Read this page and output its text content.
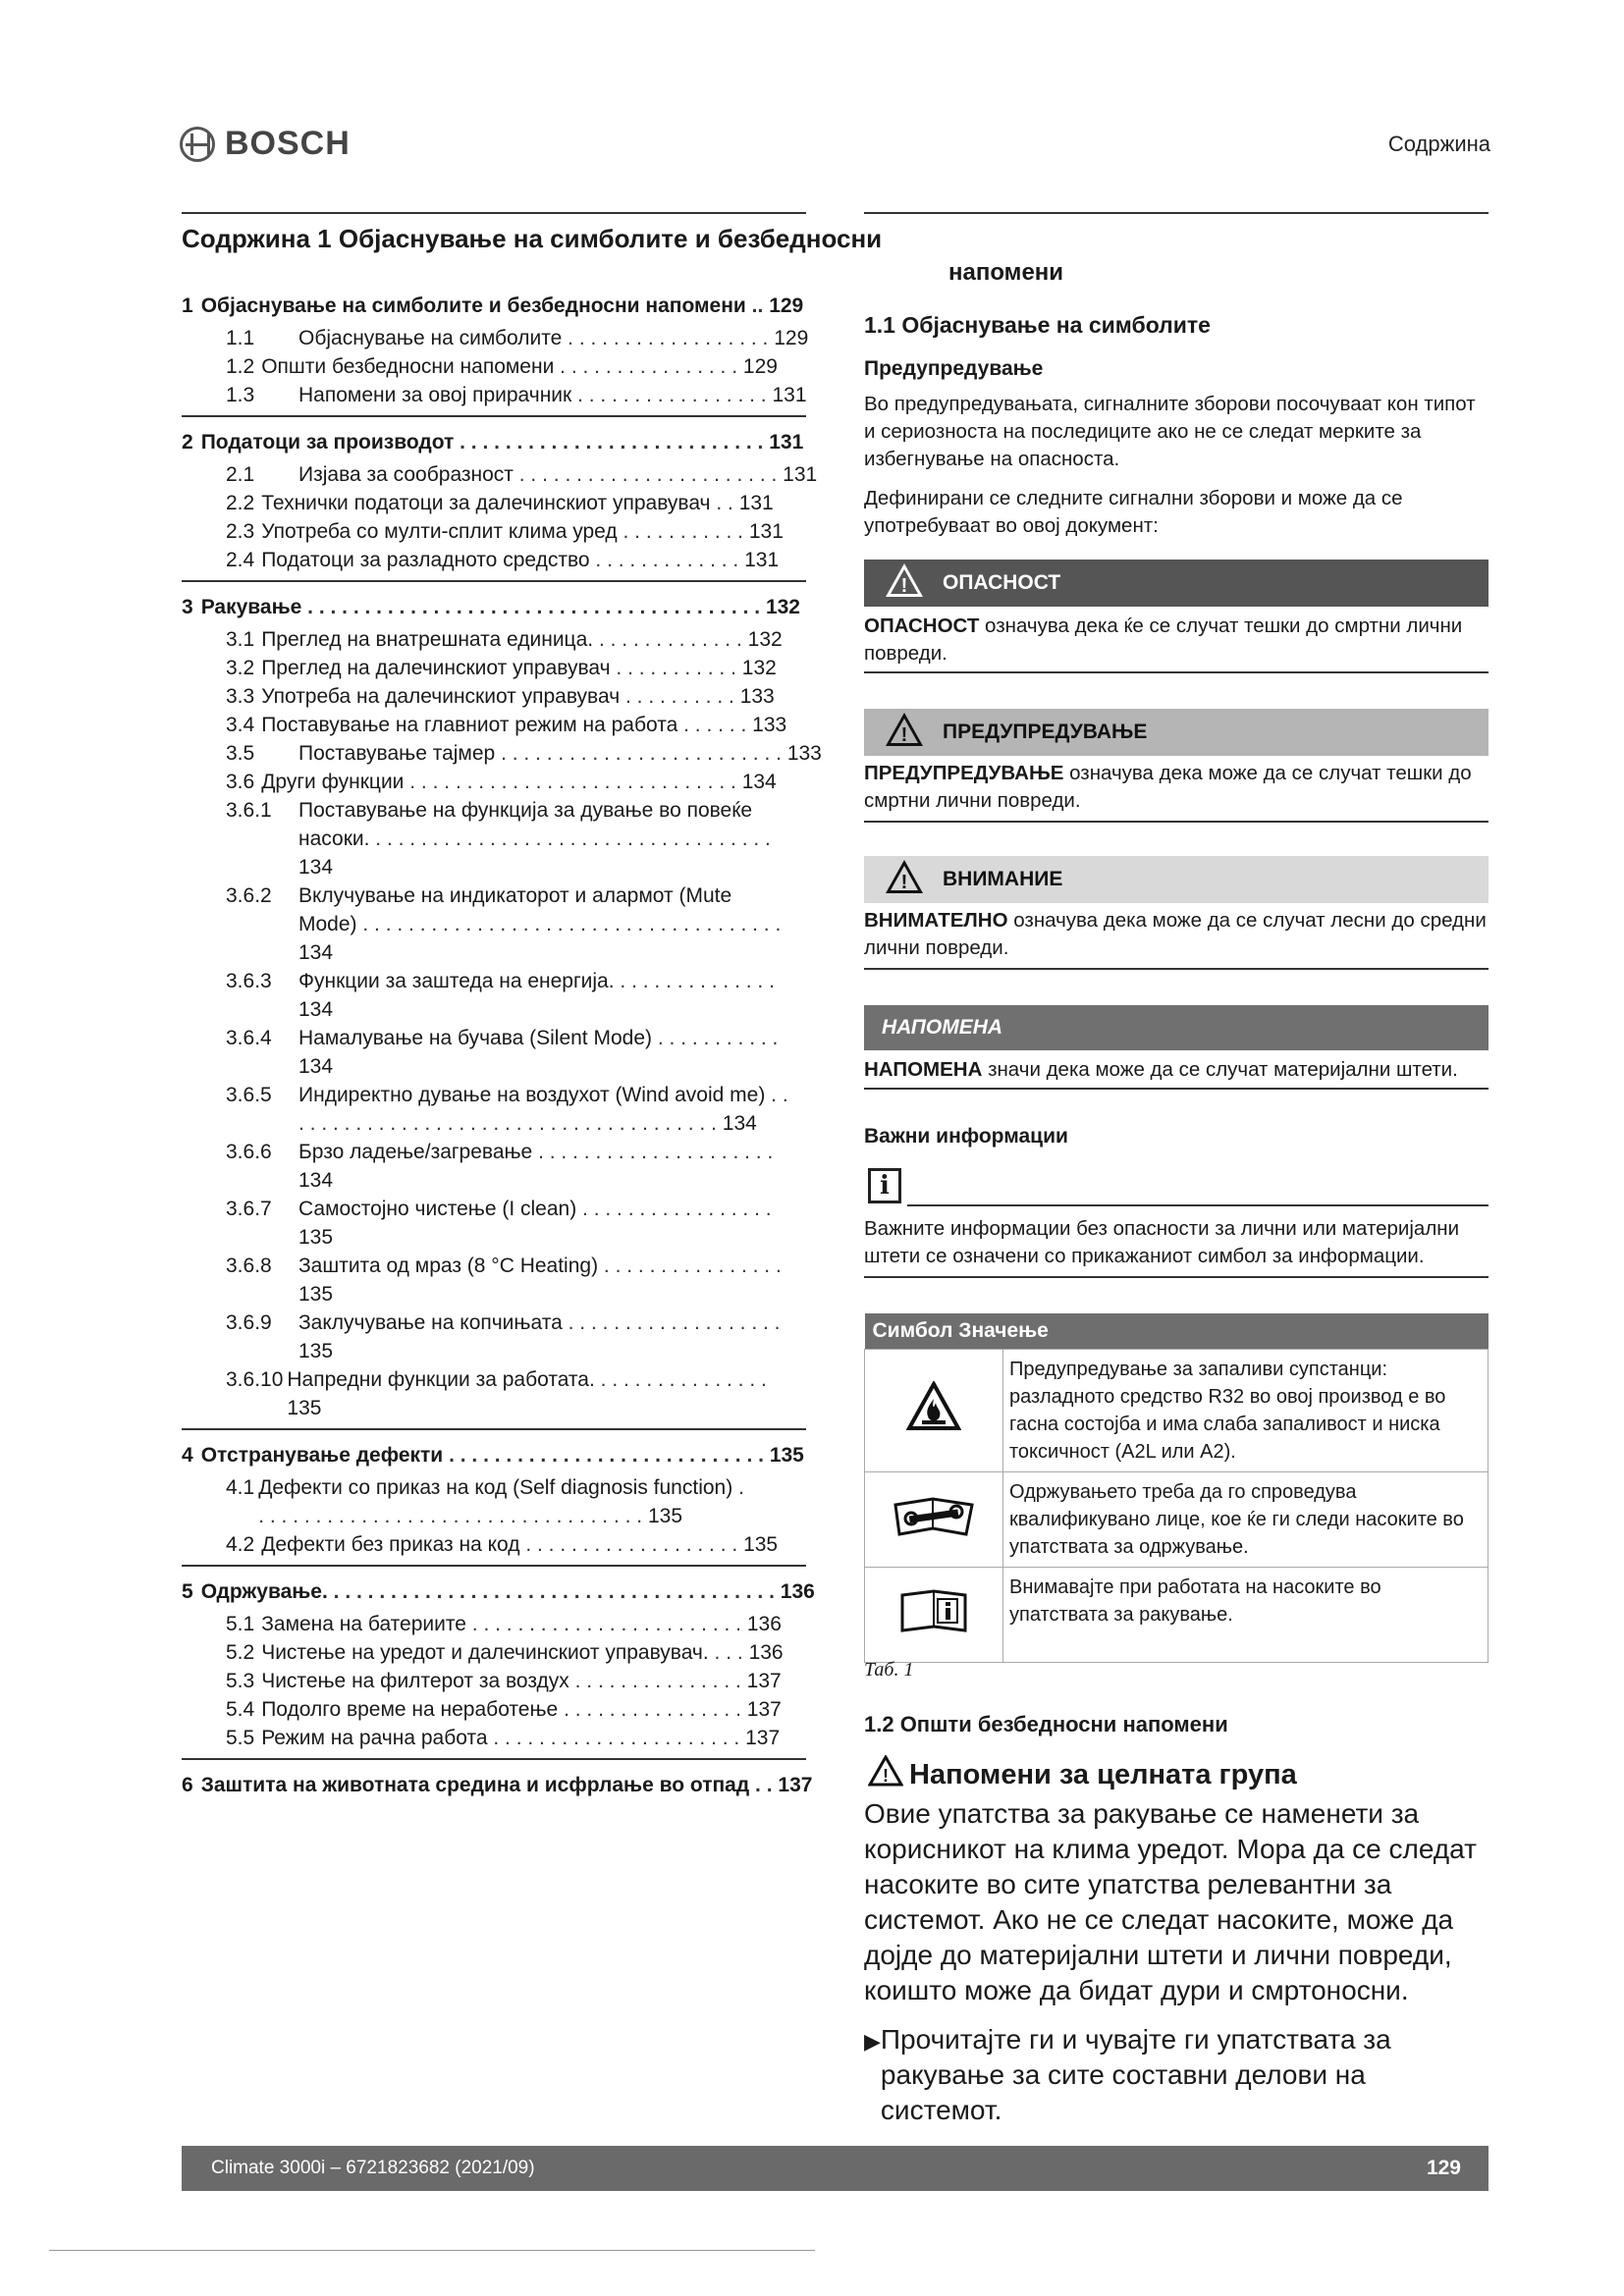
BOSCH	Содржина
Содржина 1 Објаснување на симболите и безбедносни
1 Објаснување на симболите и безбедносни напомени .. 129
1.1 Објаснување на симболите . . . . . . . . . . . . . . . . . . 129
1.2 Општи безбедносни напомени . . . . . . . . . . . . . . . . 129
1.3 Напомени за овој прирачник . . . . . . . . . . . . . . . . . 131
2 Податоци за производот . . . . . . . . . . . . . . . . . . . . . . . . . . . 131
2.1 Изјава за сообразност . . . . . . . . . . . . . . . . . . . . . . . 131
2.2 Технички податоци за далечинскиот управувач . . 131
2.3 Употреба со мулти-сплит клима уред . . . . . . . . . . . 131
2.4 Податоци за разладното средство . . . . . . . . . . . . . 131
3 Ракување . . . . . . . . . . . . . . . . . . . . . . . . . . . . . . . . . . . . . . . . 132
3.1 Преглед на внатрешната единица. . . . . . . . . . . . . . 132
3.2 Преглед на далечинскиот управувач . . . . . . . . . . . 132
3.3 Употреба на далечинскиот управувач . . . . . . . . . . 133
3.4 Поставување на главниот режим на работа . . . . . . 133
3.5 Поставување тајмер . . . . . . . . . . . . . . . . . . . . . . . . . 133
3.6 Други функции . . . . . . . . . . . . . . . . . . . . . . . . . . . . . 134
3.6.1 Поставување на функција за дување во повеќе насоки. . . . . . . . . . . . . . . . . . . . . . . . . . . . . . . . . . . . 134
3.6.2 Вклучување на индикаторот и алармот (Mute Mode) . . . . . . . . . . . . . . . . . . . . . . . . . . . . . . . . . . . . . 134
3.6.3 Функции за заштеда на енергија. . . . . . . . . . . . . . . 134
3.6.4 Намалување на бучава (Silent Mode) . . . . . . . . . . . 134
3.6.5 Индиректно дување на воздухот (Wind avoid me) . . . . . . . . . . . . . . . . . . . . . . . . . . . . . . . . . . . . . . . 134
3.6.6 Брзо ладење/загревање . . . . . . . . . . . . . . . . . . . . . 134
3.6.7 Самостојно чистење (I clean) . . . . . . . . . . . . . . . . . 135
3.6.8 Заштита од мраз (8 °C Heating) . . . . . . . . . . . . . . . . 135
3.6.9 Заклучување на копчињата . . . . . . . . . . . . . . . . . . . 135
3.6.10 Напредни функции за работата. . . . . . . . . . . . . . . . 135
4 Отстранување дефекти . . . . . . . . . . . . . . . . . . . . . . . . . . . . 135
4.1 Дефекти со приказ на код (Self diagnosis function) . . . . . . . . . . . . . . . . . . . . . . . . . . . . . . . . . . . 135
4.2 Дефекти без приказ на код . . . . . . . . . . . . . . . . . . . 135
5 Одржување. . . . . . . . . . . . . . . . . . . . . . . . . . . . . . . . . . . . . . . . 136
5.1 Замена на батериите . . . . . . . . . . . . . . . . . . . . . . . . 136
5.2 Чистење на уредот и далечинскиот управувач. . . . 136
5.3 Чистење на филтерот за воздух . . . . . . . . . . . . . . . 137
5.4 Подолго време на неработење . . . . . . . . . . . . . . . . 137
5.5 Режим на рачна работа . . . . . . . . . . . . . . . . . . . . . . 137
6 Заштита на животната средина и исфрлање во отпад . . 137
напомени
1.1 Објаснување на симболите
Предупредување
Во предупредувањата, сигналните зборови посочуваат кон типот и сериозноста на последиците ако не се следат мерките за избегнување на опасноста.
Дефинирани се следните сигнални зборови и може да се употребуваат во овој документ:
! ОПАСНОСТ
ОПАСНОСТ означува дека ќе се случат тешки до смртни лични повреди.
! ПРЕДУПРЕДУВАЊЕ
ПРЕДУПРЕДУВАЊЕ означува дека може да се случат тешки до смртни лични повреди.
! ВНИМАНИЕ
ВНИМАТЕЛНО означува дека може да се случат лесни до средни лични повреди.
НАПОМЕНА
НАПОМЕНА значи дека може да се случат материјални штети.
Важни информации
i
Важните информации без опасности за лични или материјални штети се означени со прикажаниот симбол за информации.
Симбол Значење	
	Предупредување за запаливи супстанци: разладното средство R32 во овој производ е во гасна состојба и има слаба запаливост и ниска токсичност (A2L или A2).
	Одржувањето треба да го спроведува квалификувано лице, кое ќе ги следи насоките во упатствата за одржување.
	Внимавајте при работата на насоките во упатствата за ракување.
Таб. 1
1.2 Општи безбедносни напомени
! Напомени за целната група
Овие упатства за ракување се наменети за корисникот на клима уредот. Мора да се следат насоките во сите упатства релевантни за системот. Ако не се следат насоките, може да дојде до материјални штети и лични повреди, коишто може да бидат дури и смртоносни.
▶ Прочитајте ги и чувајте ги упатствата за ракување за сите составни делови на системот.
Climate 3000i – 6721823682 (2021/09)	129
